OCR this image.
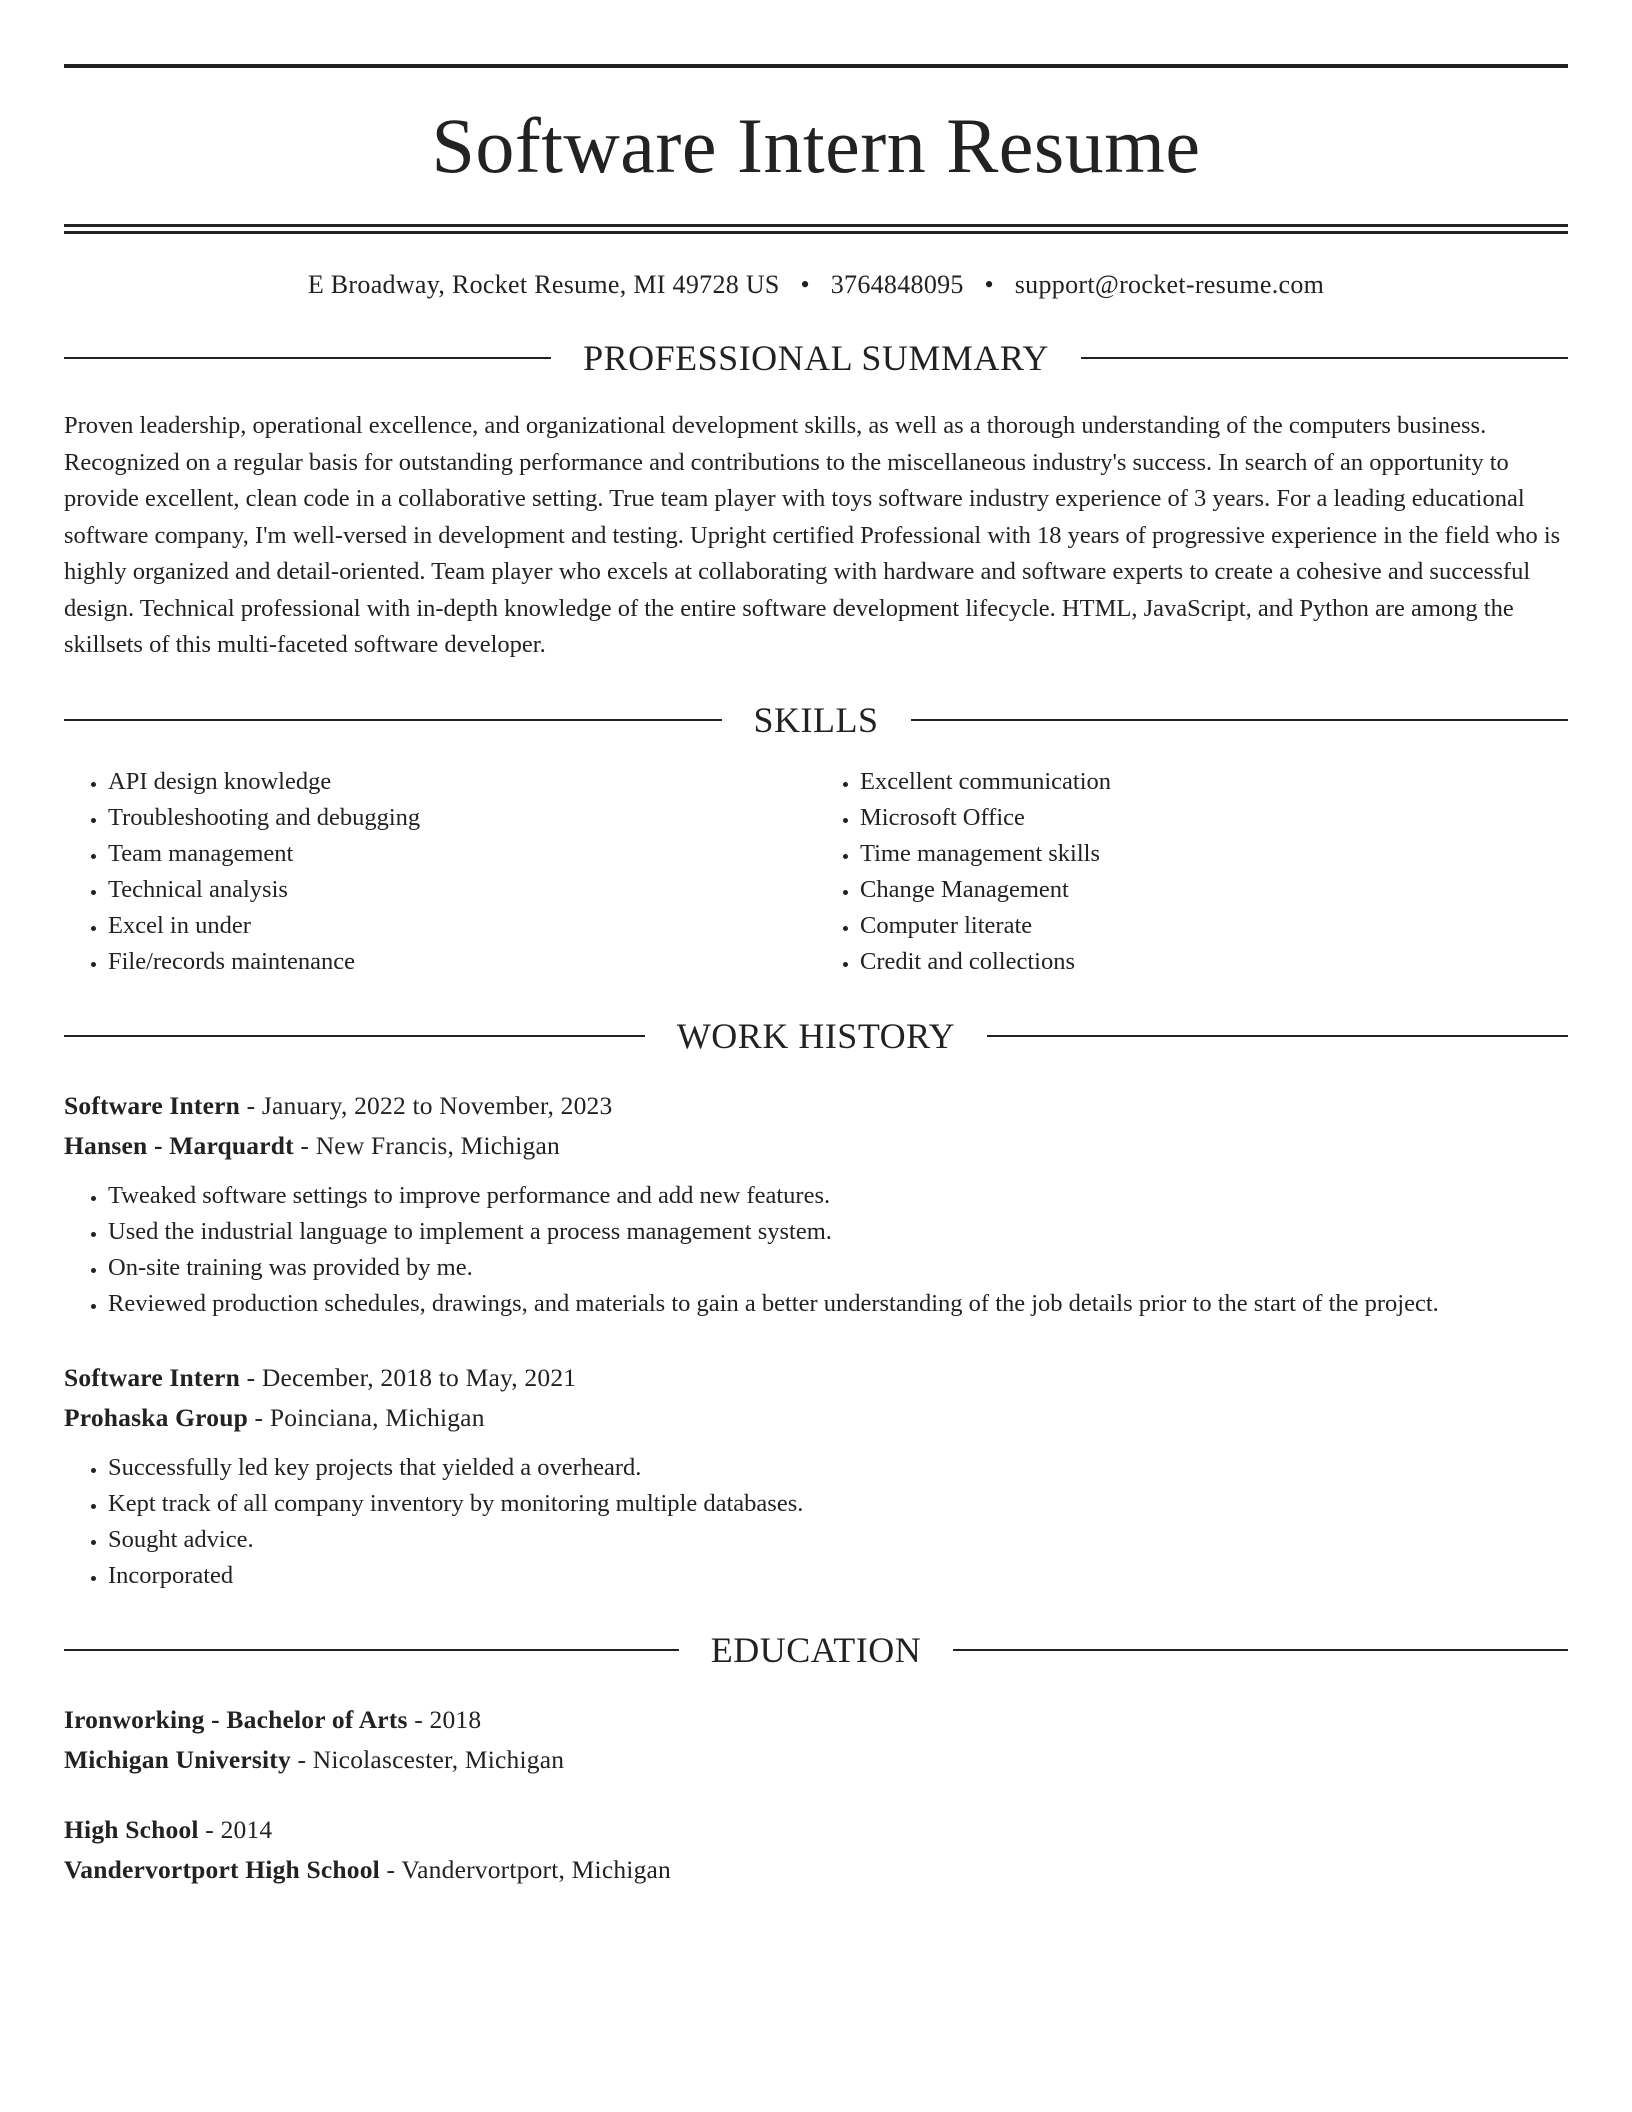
Software Intern Resume
E Broadway, Rocket Resume, MI 49728 US • 3764848095 • support@rocket-resume.com
PROFESSIONAL SUMMARY
Proven leadership, operational excellence, and organizational development skills, as well as a thorough understanding of the computers business. Recognized on a regular basis for outstanding performance and contributions to the miscellaneous industry's success. In search of an opportunity to provide excellent, clean code in a collaborative setting. True team player with toys software industry experience of 3 years. For a leading educational software company, I'm well-versed in development and testing. Upright certified Professional with 18 years of progressive experience in the field who is highly organized and detail-oriented. Team player who excels at collaborating with hardware and software experts to create a cohesive and successful design. Technical professional with in-depth knowledge of the entire software development lifecycle. HTML, JavaScript, and Python are among the skillsets of this multi-faceted software developer.
SKILLS
• API design knowledge
• Troubleshooting and debugging
• Team management
• Technical analysis
• Excel in under
• File/records maintenance
• Excellent communication
• Microsoft Office
• Time management skills
• Change Management
• Computer literate
• Credit and collections
WORK HISTORY
Software Intern - January, 2022 to November, 2023
Hansen - Marquardt - New Francis, Michigan
• Tweaked software settings to improve performance and add new features.
• Used the industrial language to implement a process management system.
• On-site training was provided by me.
• Reviewed production schedules, drawings, and materials to gain a better understanding of the job details prior to the start of the project.
Software Intern - December, 2018 to May, 2021
Prohaska Group - Poinciana, Michigan
• Successfully led key projects that yielded a overheard.
• Kept track of all company inventory by monitoring multiple databases.
• Sought advice.
• Incorporated
EDUCATION
Ironworking - Bachelor of Arts - 2018
Michigan University - Nicolascester, Michigan
High School - 2014
Vandervortport High School - Vandervortport, Michigan
